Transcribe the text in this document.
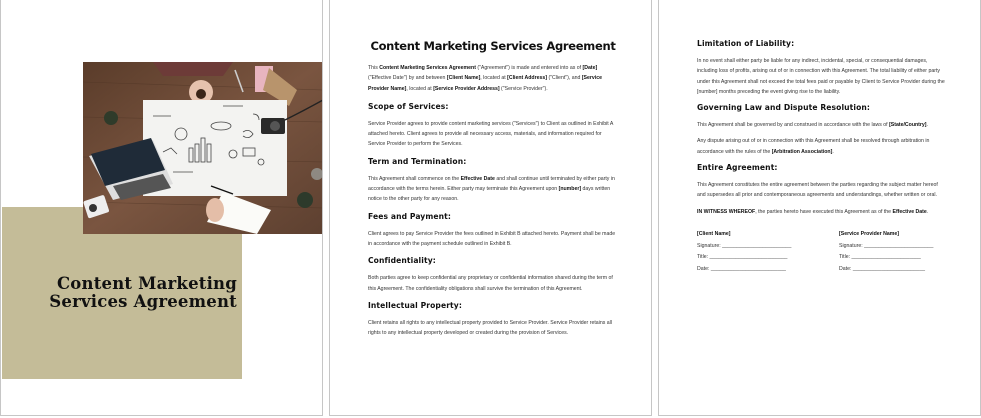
Content Marketing
Services Agreement
Content Marketing Services Agreement

This Content Marketing Services Agreement ("Agreement") is made and entered into as of [Date] ("Effective Date") by and between [Client Name], located at [Client Address] ("Client"), and [Service Provider Name], located at [Service Provider Address] ("Service Provider").

Scope of Services:

Service Provider agrees to provide content marketing services ("Services") to Client as outlined in Exhibit A attached hereto. Client agrees to provide all necessary access, materials, and information required for Service Provider to perform the Services.

Term and Termination:

This Agreement shall commence on the Effective Date and shall continue until terminated by either party in accordance with the terms herein. Either party may terminate this Agreement upon [number] days written notice to the other party for any reason.

Fees and Payment:

Client agrees to pay Service Provider the fees outlined in Exhibit B attached hereto. Payment shall be made in accordance with the payment schedule outlined in Exhibit B.

Confidentiality:

Both parties agree to keep confidential any proprietary or confidential information shared during the term of this Agreement. The confidentiality obligations shall survive the termination of this Agreement.

Intellectual Property:

Client retains all rights to any intellectual property provided to Service Provider. Service Provider retains all rights to any intellectual property developed or created during the provision of Services.

Limitation of Liability:

In no event shall either party be liable for any indirect, incidental, special, or consequential damages, including loss of profits, arising out of or in connection with this Agreement. The total liability of either party under this Agreement shall not exceed the total fees paid or payable by Client to Service Provider during the [number] months preceding the event giving rise to the liability.

Governing Law and Dispute Resolution:

This Agreement shall be governed by and construed in accordance with the laws of [State/Country].

Any dispute arising out of or in connection with this Agreement shall be resolved through arbitration in accordance with the rules of the [Arbitration Association].

Entire Agreement:

This Agreement constitutes the entire agreement between the parties regarding the subject matter hereof and supersedes all prior and contemporaneous agreements and understandings, whether written or oral.

IN WITNESS WHEREOF, the parties hereto have executed this Agreement as of the Effective Date.

[Client Name]

Signature: ________________________

Title: ___________________________

Date: __________________________

[Service Provider Name]

Signature: ________________________

Title: ________________________

Date: _________________________
